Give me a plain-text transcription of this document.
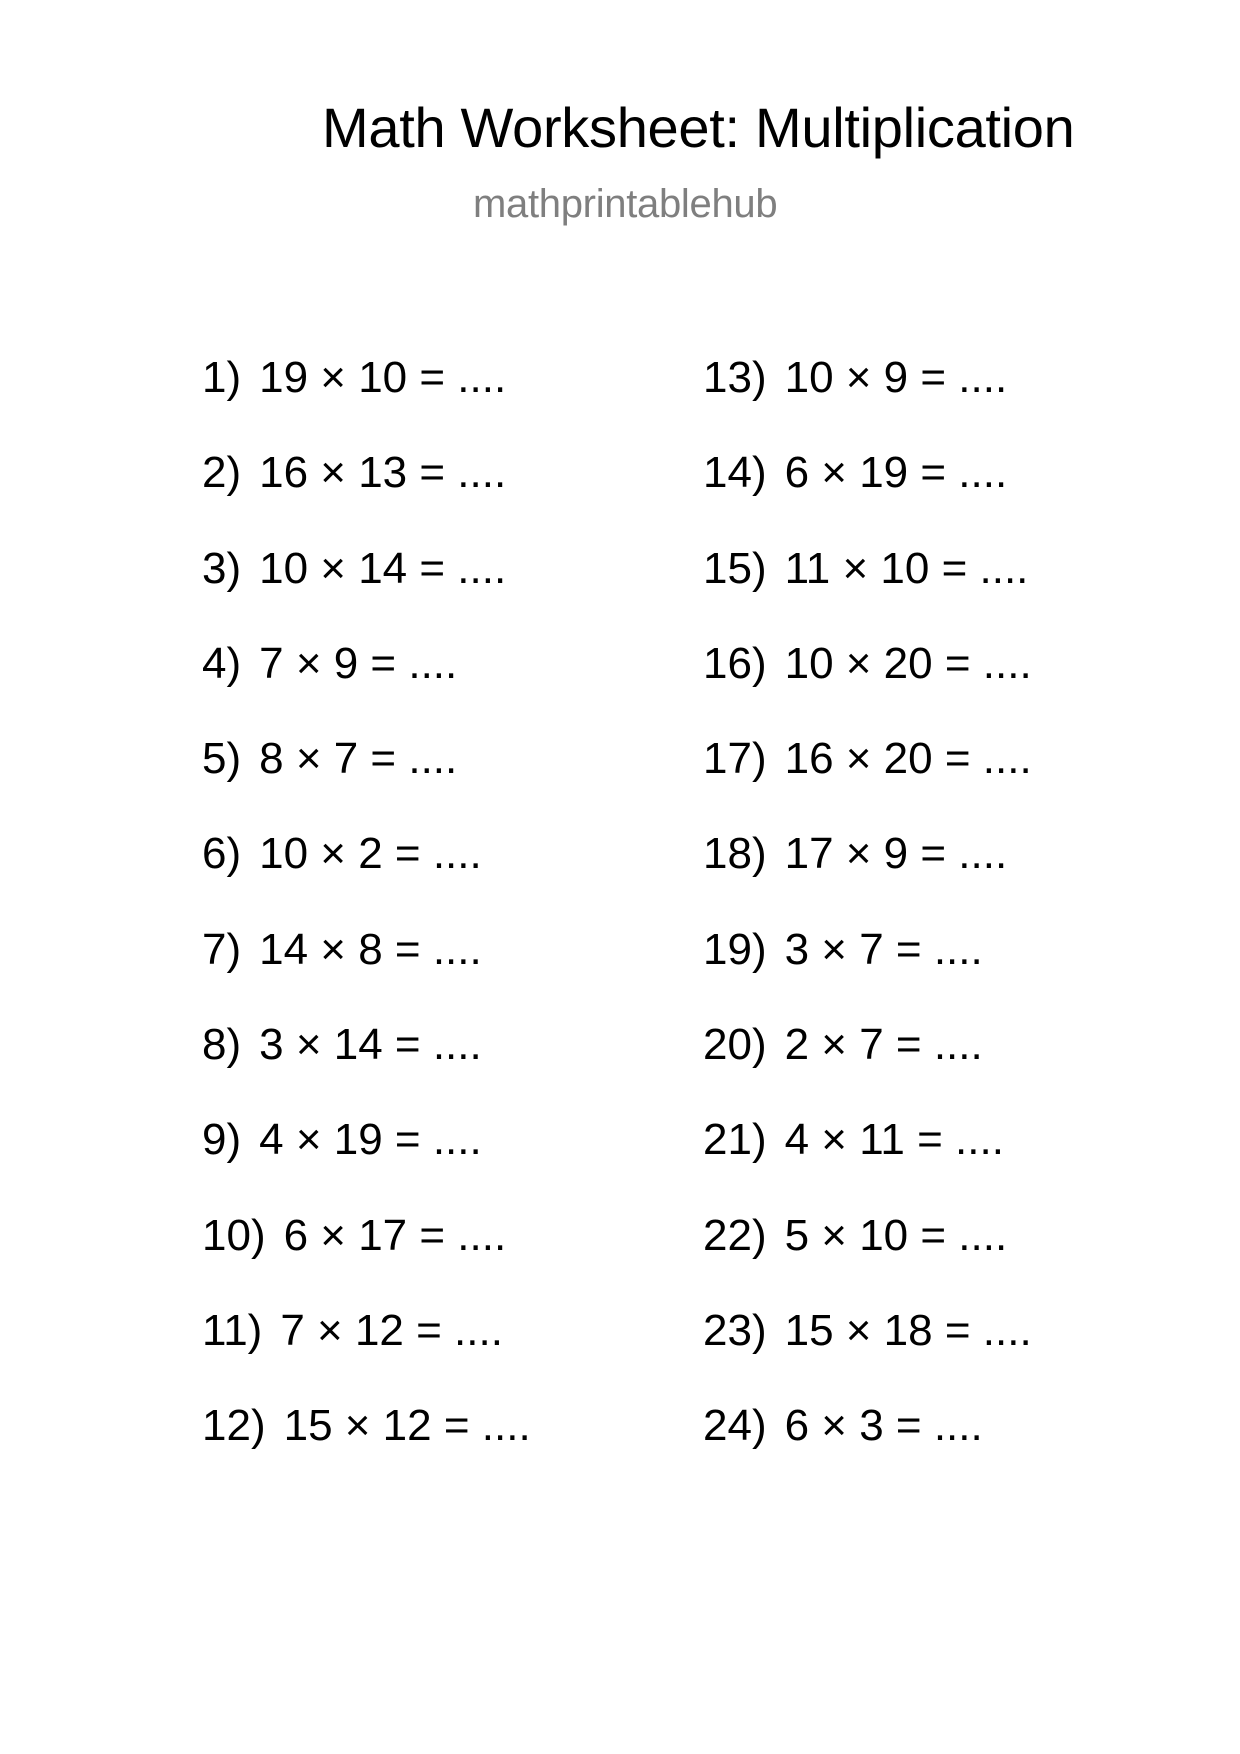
Math Worksheet: Multiplication
mathprintablehub
1) 19 × 10 = ....
2) 16 × 13 = ....
3) 10 × 14 = ....
4) 7 × 9 = ....
5) 8 × 7 = ....
6) 10 × 2 = ....
7) 14 × 8 = ....
8) 3 × 14 = ....
9) 4 × 19 = ....
10) 6 × 17 = ....
11) 7 × 12 = ....
12) 15 × 12 = ....
13) 10 × 9 = ....
14) 6 × 19 = ....
15) 11 × 10 = ....
16) 10 × 20 = ....
17) 16 × 20 = ....
18) 17 × 9 = ....
19) 3 × 7 = ....
20) 2 × 7 = ....
21) 4 × 11 = ....
22) 5 × 10 = ....
23) 15 × 18 = ....
24) 6 × 3 = ....
